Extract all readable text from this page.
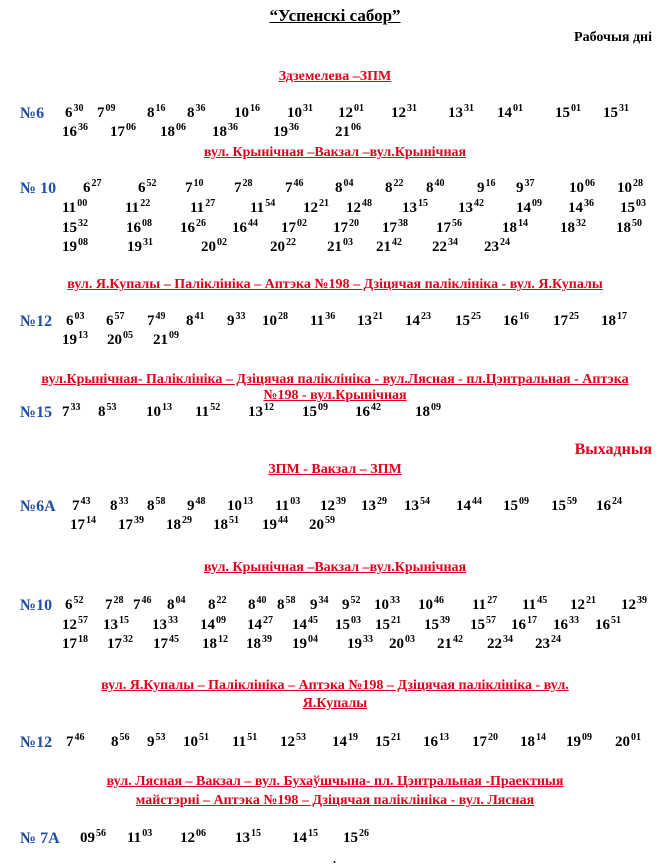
“Успенскі сабор”
Рабочыя дні
Здземелева –ЗПМ
№6 $6^{30}$ $7^{09}$ $8^{16}$ $8^{36}$ $10^{16}$ $10^{31}$ $12^{01}$ $12^{31}$ $13^{31}$ $14^{01}$ $15^{01}$ $15^{31}$
$16^{36}$ $17^{06}$ $18^{06}$ $18^{36}$ $19^{36}$ $21^{06}$
вул. Крынічная –Вакзал –вул.Крынічная
№ 10 $6^{27}$ $6^{52}$ $7^{10}$ $7^{28}$ $7^{46}$ $8^{04}$ $8^{22}$ $8^{40}$ $9^{16}$ $9^{37}$ $10^{06}$ $10^{28}$
$11^{00}$	$11^{22}$	$11^{27}$ $11^{54}$ $12^{21}$ $12^{48}$ $13^{15}$ $13^{42}$ $14^{09}$ $14^{36}$ $15^{03}$
$15^{32}$	$16^{08}$ $16^{26}$ $16^{44}$ $17^{02}$ $17^{20}$ $17^{38}$ $17^{56}$	$18^{14}$ $18^{32}$ $18^{50}$
$19^{08}$	$19^{31}$	$20^{02}$	$20^{22}$ $21^{03}$ $21^{42}$ $22^{34}$ $23^{24}$
вул. Я.Купалы – Паліклініка – Аптэка №198 – Дзіцячая паліклініка - вул. Я.Купалы
№12 $6^{03}$ $6^{57}$ $7^{49}$ $8^{41}$ $9^{33}$ $10^{28}$ $11^{36}$ $13^{21}$ $14^{23}$ $15^{25}$ $16^{16}$ $17^{25}$ $18^{17}$
$19^{13}$ $20^{05}$ $21^{09}$
вул.Крынічная- Паліклініка – Дзіцячая паліклініка - вул.Лясная - пл.Цэнтральная - Аптэка
№198 - вул.Крынічная
№15 $7^{33}$ $8^{53}$ $10^{13}$ $11^{52}$ $13^{12}$ $15^{09}$ $16^{42}$ $18^{09}$
Выхадныя
ЗПМ - Вакзал – ЗПМ
№6А $7^{43}$ $8^{33}$ $8^{58}$ $9^{48}$ $10^{13}$ $11^{03}$ $12^{39}$ $13^{29}$ $13^{54}$ $14^{44}$ $15^{09}$ $15^{59}$ $16^{24}$
$17^{14}$ $17^{39}$ $18^{29}$ $18^{51}$ $19^{44}$ $20^{59}$
вул. Крынічная –Вакзал –вул.Крынічная
№10 $6^{52}$ $7^{28}$ $7^{46}$ $8^{04}$ $8^{22}$ $8^{40}$ $8^{58}$ $9^{34}$ $9^{52}$ $10^{33}$ $10^{46}$ $11^{27}$ $11^{45}$ $12^{21}$ $12^{39}$
$12^{57}$ $13^{15}$ $13^{33}$ $14^{09}$ $14^{27}$ $14^{45}$ $15^{03}$ $15^{21}$ $15^{39}$ $15^{57}$ $16^{17}$ $16^{33}$ $16^{51}$
$17^{18}$ $17^{32}$ $17^{45}$ $18^{12}$ $18^{39}$ $19^{04}$ $19^{33}$ $20^{03}$ $21^{42}$ $22^{34}$ $23^{24}$
вул. Я.Купалы – Паліклініка – Аптэка №198 – Дзіцячая паліклініка - вул.
Я.Купалы
№12 $7^{46}$ $8^{56}$ $9^{53}$ $10^{51}$ $11^{51}$ $12^{53}$ $14^{19}$ $15^{21}$ $16^{13}$ $17^{20}$ $18^{14}$ $19^{09}$ $20^{01}$
вул. Лясная – Вакзал – вул. Бухаўшчына- пл. Цэнтральная -Праектныя
майстэрні – Аптэка №198 – Дзіцячая паліклініка - вул. Лясная
№ 7А $09^{56}$ $11^{03}$ $12^{06}$ $13^{15}$ $14^{15}$ $15^{26}$
.
